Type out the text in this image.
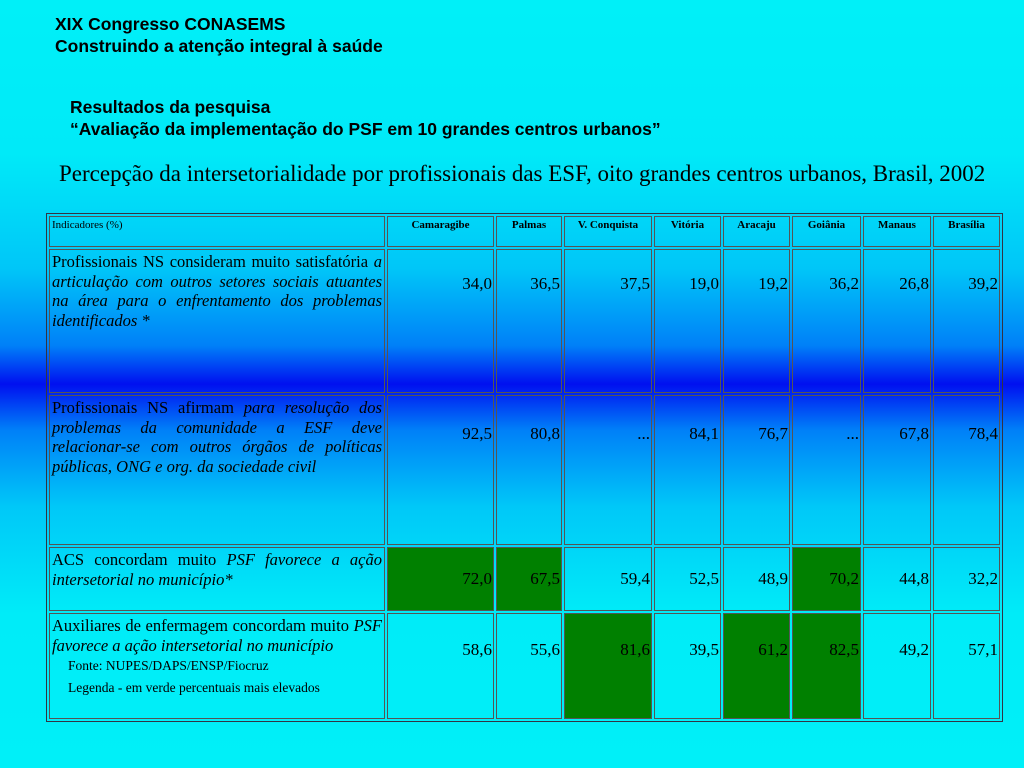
XIX Congresso CONASEMS
Construindo a atenção integral à saúde
Resultados da pesquisa
“Avaliação da implementação do PSF em 10 grandes centros urbanos”

Percepção da intersetorialidade por profissionais das ESF, oito grandes centros urbanos, Brasil, 2002

Indicadores (%)	Camaragibe	Palmas	V. Conquista	Vitória	Aracaju	Goiânia	Manaus	Brasília
Profissionais NS consideram muito satisfatória a articulação com outros setores sociais atuantes na área para o enfrentamento dos problemas identificados *	34,0	36,5	37,5	19,0	19,2	36,2	26,8	39,2
Profissionais NS afirmam para resolução dos problemas da comunidade a ESF deve relacionar-se com outros órgãos de políticas públicas, ONG e org. da sociedade civil	92,5	80,8	...	84,1	76,7	...	67,8	78,4
ACS concordam muito PSF favorece a ação intersetorial no município*	72,0	67,5	59,4	52,5	48,9	70,2	44,8	32,2
Auxiliares de enfermagem concordam muito PSF favorece a ação intersetorial no município	58,6	55,6	81,6	39,5	61,2	82,5	49,2	57,1
Fonte: NUPES/DAPS/ENSP/Fiocruz
Legenda - em verde percentuais mais elevados
